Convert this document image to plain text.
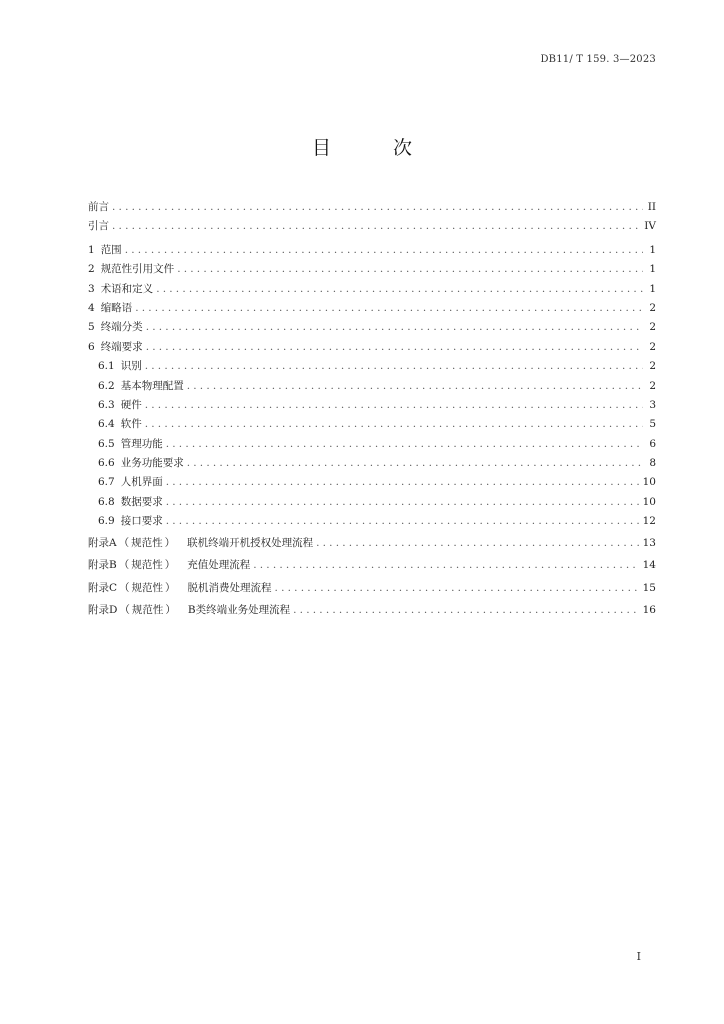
DB11/ T 159. 3—2023
目 次
前言 .....	II
引言 .....	IV
1 范围 .....	1
2 规范性引用文件 .....	1
3 术语和定义 .....	1
4 缩略语 .....	2
5 终端分类 .....	2
6 终端要求 .....	2
6.1 识别 .....	2
6.2 基本物理配置 .....	2
6.3 硬件 .....	3
6.4 软件 .....	5
6.5 管理功能 .....	6
6.6 业务功能要求 .....	8
6.7 人机界面 .....	10
6.8 数据要求 .....	10
6.9 接口要求 .....	12
附录A （ 规范性 ） 联机终端开机授权处理流程 .....	13
附录B （ 规范性 ） 充值处理流程 .....	14
附录C （ 规范性 ） 脱机消费处理流程 .....	15
附录D （ 规范性 ） B类终端业务处理流程 .....	16
I
